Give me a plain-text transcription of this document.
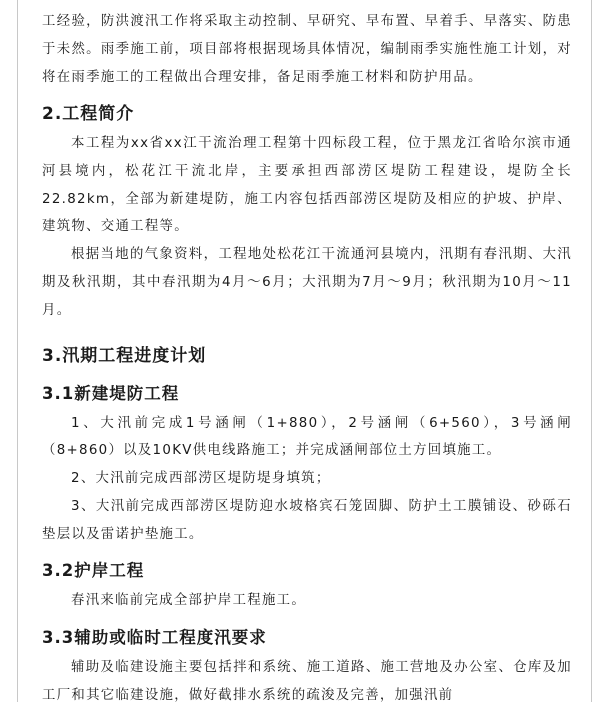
工经验，防洪渡汛工作将采取主动控制、早研究、早布置、早着手、早落实、防患于未然。雨季施工前，项目部将根据现场具体情况，编制雨季实施性施工计划，对将在雨季施工的工程做出合理安排，备足雨季施工材料和防护用品。

2.工程简介

本工程为xx省xx江干流治理工程第十四标段工程，位于黑龙江省哈尔滨市通河县境内，松花江干流北岸，主要承担西部涝区堤防工程建设，堤防全长22.82km，全部为新建堤防，施工内容包括西部涝区堤防及相应的护坡、护岸、建筑物、交通工程等。

根据当地的气象资料，工程地处松花江干流通河县境内，汛期有春汛期、大汛期及秋汛期，其中春汛期为4月～6月；大汛期为7月～9月；秋汛期为10月～11月。

3.汛期工程进度计划
3.1新建堤防工程

1、大汛前完成1号涵闸（1+880），2号涵闸（6+560），3号涵闸（8+860）以及10KV供电线路施工；并完成涵闸部位土方回填施工。

2、大汛前完成西部涝区堤防堤身填筑；

3、大汛前完成西部涝区堤防迎水坡格宾石笼固脚、防护土工膜铺设、砂砾石垫层以及雷诺护垫施工。

3.2护岸工程

春汛来临前完成全部护岸工程施工。

3.3辅助或临时工程度汛要求

辅助及临建设施主要包括拌和系统、施工道路、施工营地及办公室、仓库及加工厂和其它临建设施，做好截排水系统的疏浚及完善，加强汛前
